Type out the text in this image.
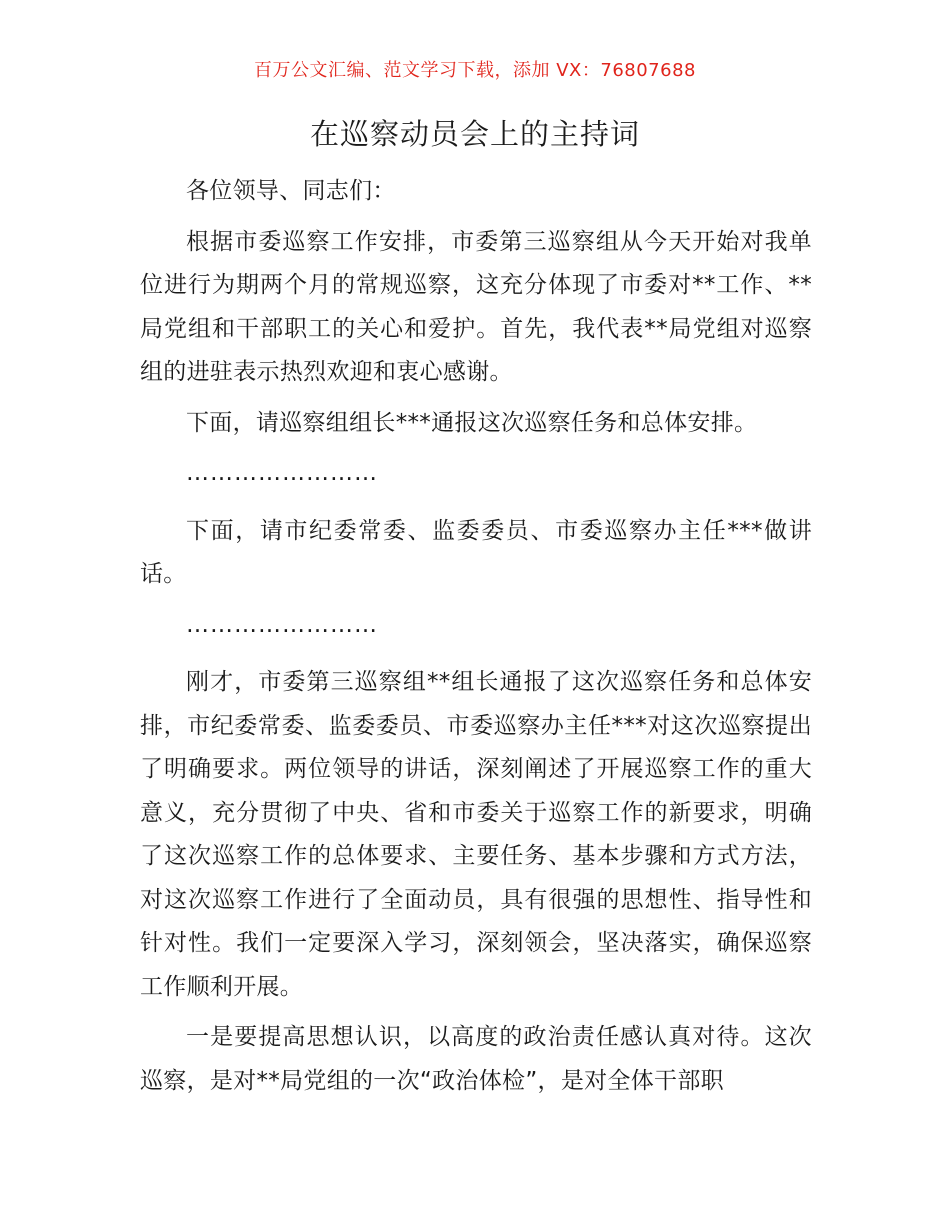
百万公文汇编、范文学习下载，添加 VX：76807688
在巡察动员会上的主持词

各位领导、同志们：

根据市委巡察工作安排，市委第三巡察组从今天开始对我单位进行为期两个月的常规巡察，这充分体现了市委对**工作、**局党组和干部职工的关心和爱护。首先，我代表**局党组对巡察组的进驻表示热烈欢迎和衷心感谢。

下面，请巡察组组长***通报这次巡察任务和总体安排。

……………………

下面，请市纪委常委、监委委员、市委巡察办主任***做讲话。

……………………

刚才，市委第三巡察组**组长通报了这次巡察任务和总体安排，市纪委常委、监委委员、市委巡察办主任***对这次巡察提出了明确要求。两位领导的讲话，深刻阐述了开展巡察工作的重大意义，充分贯彻了中央、省和市委关于巡察工作的新要求，明确了这次巡察工作的总体要求、主要任务、基本步骤和方式方法，对这次巡察工作进行了全面动员，具有很强的思想性、指导性和针对性。我们一定要深入学习，深刻领会，坚决落实，确保巡察工作顺利开展。

一是要提高思想认识，以高度的政治责任感认真对待。这次巡察，是对**局党组的一次“政治体检”，是对全体干部职
